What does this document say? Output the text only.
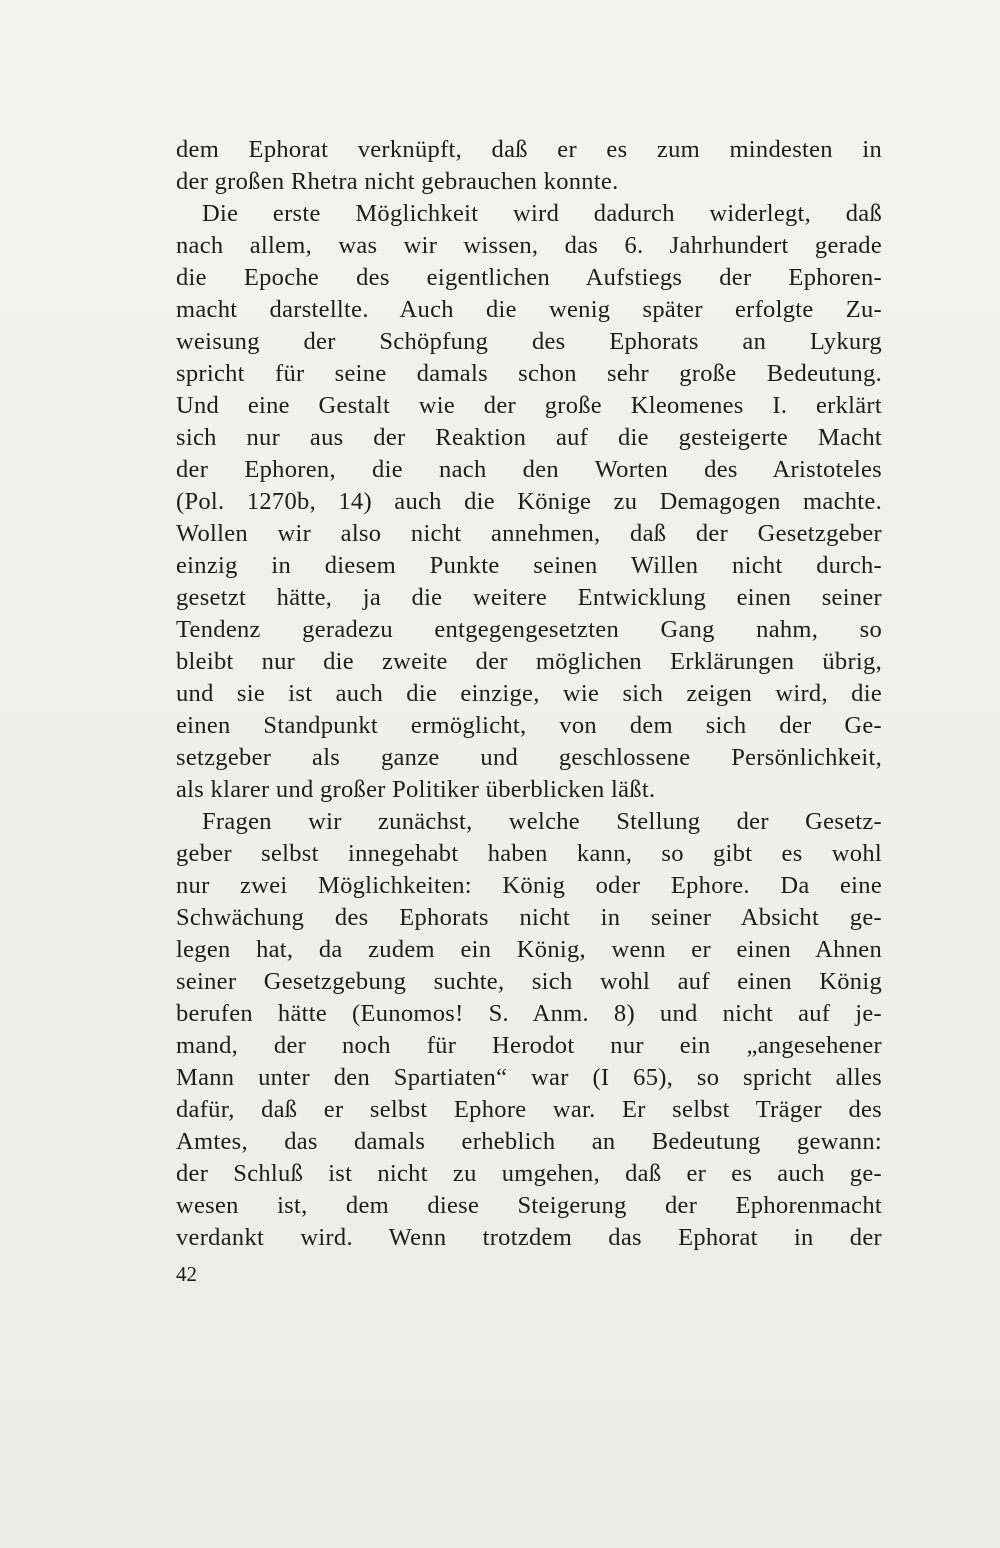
dem Ephorat verknüpft, daß er es zum mindesten in
der großen Rhetra nicht gebrauchen konnte.
Die erste Möglichkeit wird dadurch widerlegt, daß
nach allem, was wir wissen, das 6. Jahrhundert gerade
die Epoche des eigentlichen Aufstiegs der Ephoren-
macht darstellte. Auch die wenig später erfolgte Zu-
weisung der Schöpfung des Ephorats an Lykurg
spricht für seine damals schon sehr große Bedeutung.
Und eine Gestalt wie der große Kleomenes I. erklärt
sich nur aus der Reaktion auf die gesteigerte Macht
der Ephoren, die nach den Worten des Aristoteles
(Pol. 1270b, 14) auch die Könige zu Demagogen machte.
Wollen wir also nicht annehmen, daß der Gesetzgeber
einzig in diesem Punkte seinen Willen nicht durch-
gesetzt hätte, ja die weitere Entwicklung einen seiner
Tendenz geradezu entgegengesetzten Gang nahm, so
bleibt nur die zweite der möglichen Erklärungen übrig,
und sie ist auch die einzige, wie sich zeigen wird, die
einen Standpunkt ermöglicht, von dem sich der Ge-
setzgeber als ganze und geschlossene Persönlichkeit,
als klarer und großer Politiker überblicken läßt.
Fragen wir zunächst, welche Stellung der Gesetz-
geber selbst innegehabt haben kann, so gibt es wohl
nur zwei Möglichkeiten: König oder Ephore. Da eine
Schwächung des Ephorats nicht in seiner Absicht ge-
legen hat, da zudem ein König, wenn er einen Ahnen
seiner Gesetzgebung suchte, sich wohl auf einen König
berufen hätte (Eunomos! S. Anm. 8) und nicht auf je-
mand, der noch für Herodot nur ein „angesehener
Mann unter den Spartiaten“ war (I 65), so spricht alles
dafür, daß er selbst Ephore war. Er selbst Träger des
Amtes, das damals erheblich an Bedeutung gewann:
der Schluß ist nicht zu umgehen, daß er es auch ge-
wesen ist, dem diese Steigerung der Ephorenmacht
verdankt wird. Wenn trotzdem das Ephorat in der
42
